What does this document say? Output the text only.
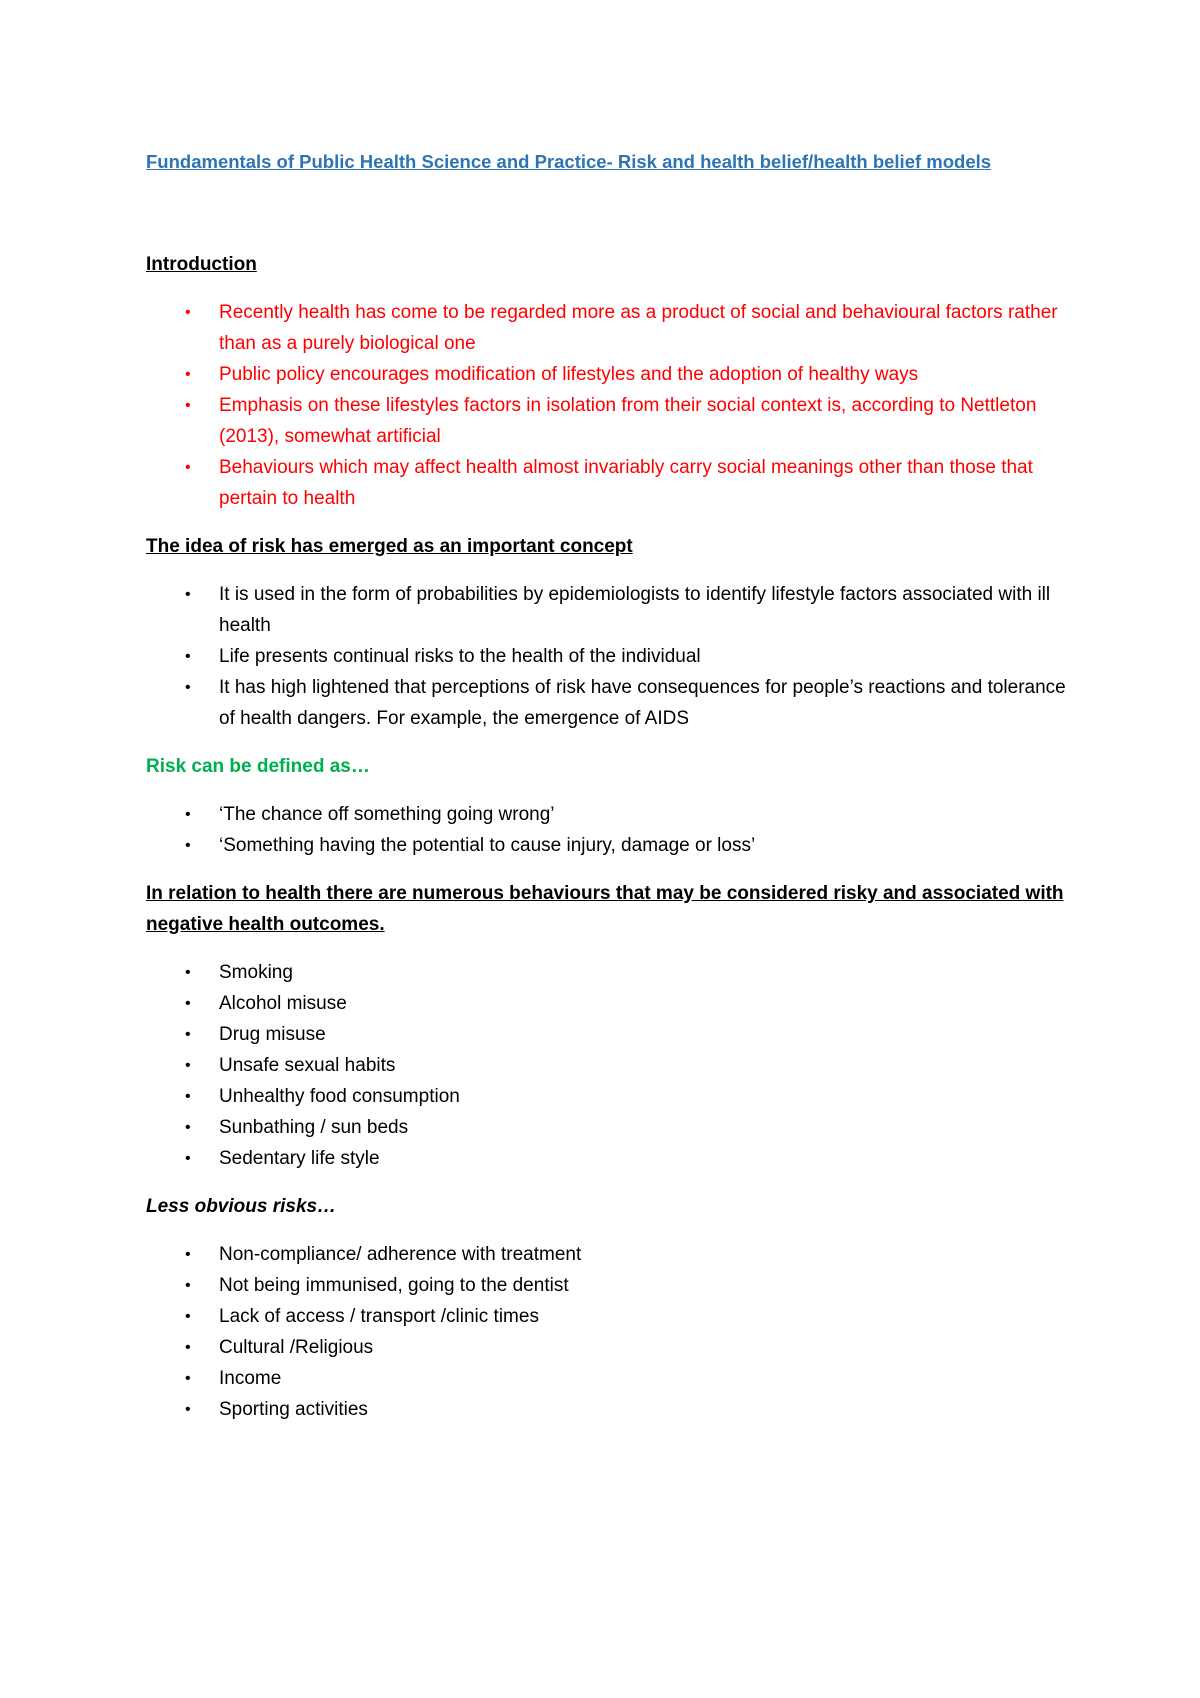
Fundamentals of Public Health Science and Practice- Risk and health belief/health belief models

Introduction

• Recently health has come to be regarded more as a product of social and behavioural factors rather than as a purely biological one
• Public policy encourages modification of lifestyles and the adoption of healthy ways
• Emphasis on these lifestyles factors in isolation from their social context is, according to Nettleton (2013), somewhat artificial
• Behaviours which may affect health almost invariably carry social meanings other than those that pertain to health

The idea of risk has emerged as an important concept

• It is used in the form of probabilities by epidemiologists to identify lifestyle factors associated with ill health
• Life presents continual risks to the health of the individual
• It has high lightened that perceptions of risk have consequences for people’s reactions and tolerance of health dangers. For example, the emergence of AIDS

Risk can be defined as…

• ‘The chance off something going wrong’
• ‘Something having the potential to cause injury, damage or loss’

In relation to health there are numerous behaviours that may be considered risky and associated with negative health outcomes.

• Smoking
• Alcohol misuse
• Drug misuse
• Unsafe sexual habits
• Unhealthy food consumption
• Sunbathing / sun beds
• Sedentary life style

Less obvious risks…

• Non-compliance/ adherence with treatment
• Not being immunised, going to the dentist
• Lack of access / transport /clinic times
• Cultural /Religious
• Income
• Sporting activities
